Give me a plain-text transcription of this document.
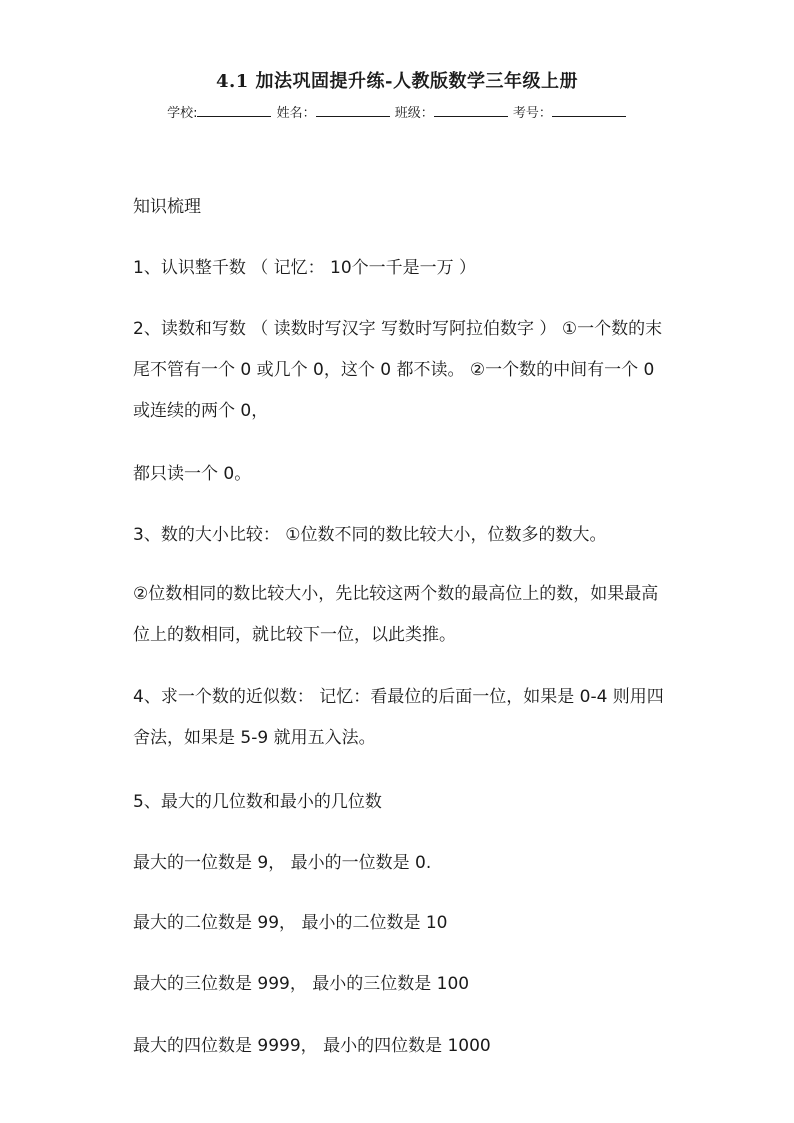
4.1 加法巩固提升练-人教版数学三年级上册
学校:	姓名：	班级：	考号：
知识梳理
1、认识整千数 （ 记忆： 10个一千是一万 ）
2、读数和写数 （ 读数时写汉字 写数时写阿拉伯数字 ） ①一个数的末尾不管有一个 0 或几个 0，这个 0 都不读。 ②一个数的中间有一个 0 或连续的两个 0，
都只读一个 0。
3、数的大小比较： ①位数不同的数比较大小，位数多的数大。
②位数相同的数比较大小，先比较这两个数的最高位上的数，如果最高位上的数相同，就比较下一位，以此类推。
4、求一个数的近似数： 记忆：看最位的后面一位，如果是 0-4 则用四舍法，如果是 5-9 就用五入法。
5、最大的几位数和最小的几位数
最大的一位数是 9， 最小的一位数是 0.
最大的二位数是 99， 最小的二位数是 10
最大的三位数是 999， 最小的三位数是 100
最大的四位数是 9999， 最小的四位数是 1000
